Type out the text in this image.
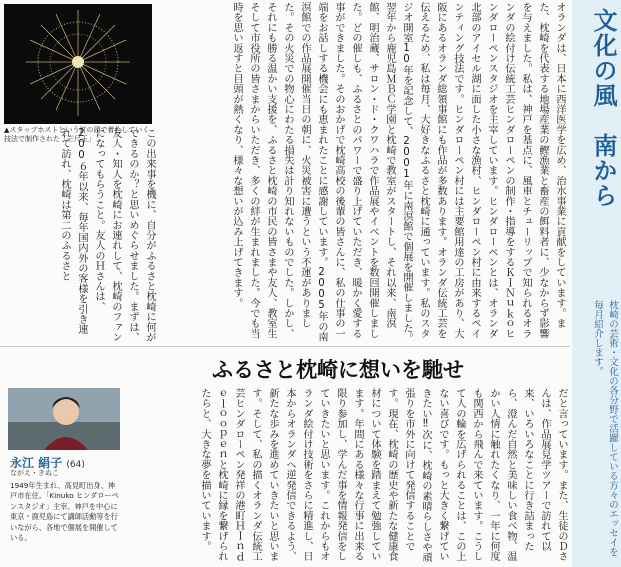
▲スタップホストという釘の頭で着色していく技法で制作された「三尺玉」	文化の風　南から
枕崎の芸術・文化の各分野で活躍している方々のエッセイを毎月紹介します。
オランダは、日本に西洋医学を広め、治水事業に貢献をしています。また、枕崎を代表する地場産業の鰹漁業と畜産の餌料者に、少なからず影響を与えました。私は、神戸を基点に、風車とチューリップで知られるオランダの絵付け伝統工芸ヒンダローペンの制作・指導をするＫＩＮｕｋｏヒンダローペンスタジオを主宰しています。ヒンダローペンとは、オランダ北部のアイセル湖に面した小さな漁村、ヒンダローペン村に由来するペインティング技法です。ヒンダローペン村には主要館用達の工房があり、大阪にあるオランダ総領事館にも作品が多数あります。オランダ伝統工芸を伝えるため、私は毎月、大好きなふるさと枕崎に通っています。私のスタジオ開室10年を記念して、2001年に南溟館で個展を開催しました。翌年から鹿児島ＭＢＣ学園と枕崎で教室がスタートし、それ以来、南溟館、明治蔵、サロン・ド・クワハラで作品展やイベントを数回開催しました。どの催しも、ふるさとのパワーで盛り上げていただき、暖かく愛する事ができました。そのおかげで枕崎高校の後輩の皆さんに、私の仕事の一端をお話しする機会にも恵まれたことに感謝しています。2005年の南溟館での作品展開催当日の朝に、火災被害に遭うという不運がありました。その火災での物心にわたる損失は計り知れないものでした。しかし、それにも勝る温かい支援を、ふるさと枕崎の市民の皆さまや友人、教室生そして市役所の皆さまからいただき、多くの絆が生まれました。今でも当時を思い返すと目頭が熱くなり、様々な想いが込み上げてきます。
この出来事を機に、自分がふるさと枕崎に何ができるのか？と思いめぐらせました。まずは、友人・知人を枕崎にお連れして、枕崎のファンになってもらうこと。友人のＨさんは、200６年以来、毎年国内外の客様を引き連れて訪れ、枕崎は第二のふるさと
ふるさと枕崎に想いを馳せ
だと言っています。また、生徒のＤさんは、作品展見学ツアーで訪れて以来、いろいろなことに行き詰まったら、澄んだ自然と美味しい食べ物、温かい人情に触れたくなり、一年に何度も関西から飛んで来ています。こうして人の輪を広げられることは、この上ない喜びです。もっと大きく繋げていきたい‼次に、枕崎の素晴らしさや頑張りを市外に向けて発信することです。現在、枕崎の歴史や新たな健康食材について体験を踏まえて勉強しています。年間にある様々な行事に出来る限り参加し、学んだ事を情報発信をしていきたいと思います。これからもオランダ絵付け技術をさらに精進し、日本からオランダへ逆発信できるよう、新たな歩みを進めていきたいと思います。そして、私の描くオランダ伝統工芸ヒンダローペン発祥の港町ＨＩｎｄｅｌｏｏｐｅｎと枕崎に縁を繋げられたらと、大きな夢を描いています。
永江 絹子 (64)
ながえ・きぬこ
1949年生まれ、高見町出身、神戸市在住。「Kinuko ヒンダローペンスタジオ」主宰。神戸を中心に東京・鹿児島にて講師活動等を行いながら、各地で個展を開催している。
